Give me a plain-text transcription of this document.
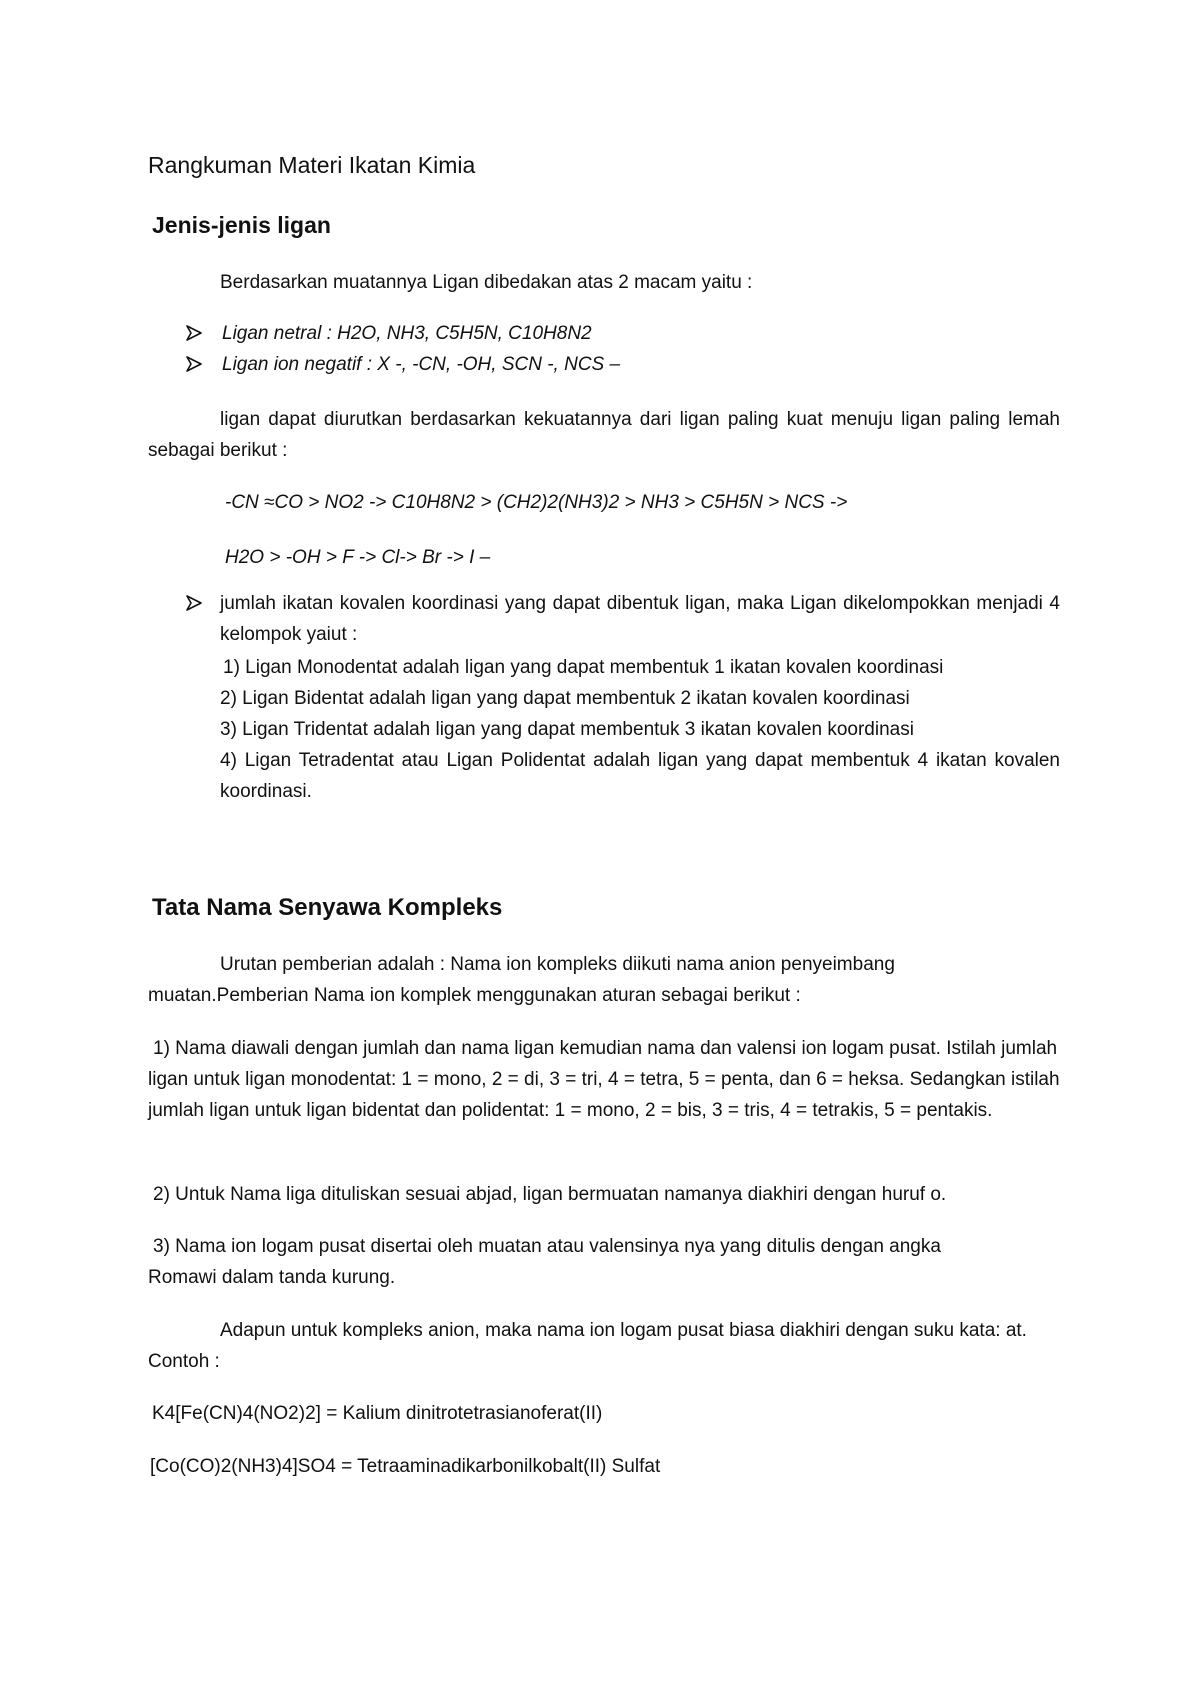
Rangkuman Materi Ikatan Kimia
Jenis-jenis ligan
Berdasarkan muatannya Ligan dibedakan atas 2 macam yaitu :
Ligan netral : H2O, NH3, C5H5N, C10H8N2
Ligan ion negatif : X -, -CN, -OH, SCN -, NCS –
ligan dapat diurutkan berdasarkan kekuatannya dari ligan paling kuat menuju ligan paling lemah sebagai berikut :
-CN ≈CO > NO2 -> C10H8N2 > (CH2)2(NH3)2 > NH3 > C5H5N > NCS ->
H2O > -OH > F -> Cl-> Br -> I –
jumlah ikatan kovalen koordinasi yang dapat dibentuk ligan, maka Ligan dikelompokkan menjadi 4 kelompok yaiut :
1) Ligan Monodentat adalah ligan yang dapat membentuk 1 ikatan kovalen koordinasi
2) Ligan Bidentat adalah ligan yang dapat membentuk 2 ikatan kovalen koordinasi
3) Ligan Tridentat adalah ligan yang dapat membentuk 3 ikatan kovalen koordinasi
4) Ligan Tetradentat atau Ligan Polidentat adalah ligan yang dapat membentuk 4 ikatan kovalen koordinasi.
Tata Nama Senyawa Kompleks
Urutan pemberian adalah : Nama ion kompleks diikuti nama anion penyeimbang muatan.Pemberian Nama ion komplek menggunakan aturan sebagai berikut :
1) Nama diawali dengan jumlah dan nama ligan kemudian nama dan valensi ion logam pusat. Istilah jumlah ligan untuk ligan monodentat: 1 = mono, 2 = di, 3 = tri, 4 = tetra, 5 = penta, dan 6 = heksa. Sedangkan istilah jumlah ligan untuk ligan bidentat dan polidentat: 1 = mono, 2 = bis, 3 = tris, 4 = tetrakis, 5 = pentakis.
2) Untuk Nama liga dituliskan sesuai abjad, ligan bermuatan namanya diakhiri dengan huruf o.
3) Nama ion logam pusat disertai oleh muatan atau valensinya nya yang ditulis dengan angka Romawi dalam tanda kurung.
Adapun untuk kompleks anion, maka nama ion logam pusat biasa diakhiri dengan suku kata: at. Contoh :
K4[Fe(CN)4(NO2)2] = Kalium dinitrotetrasianoferat(II)
[Co(CO)2(NH3)4]SO4 = Tetraaminadikarbonilkobalt(II) Sulfat
